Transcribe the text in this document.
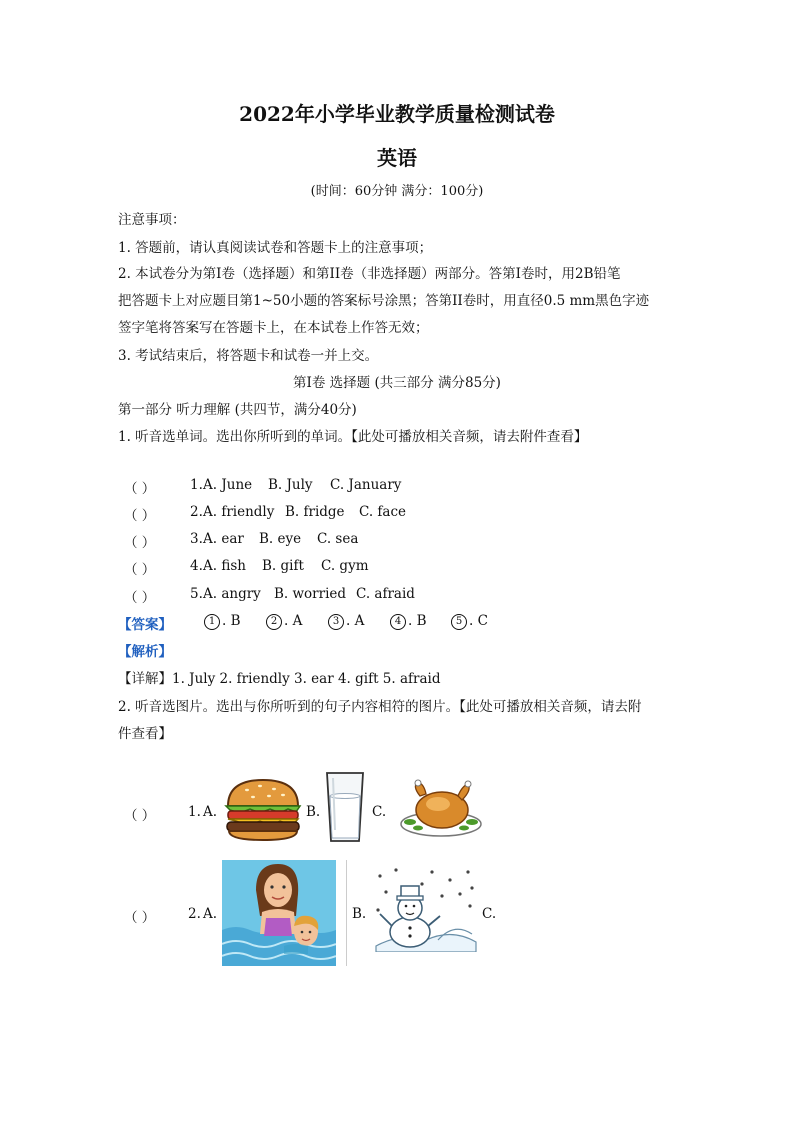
2022年小学毕业教学质量检测试卷
英语
(时间：60分钟 满分：100分)
注意事项：
1. 答题前，请认真阅读试卷和答题卡上的注意事项；
2. 本试卷分为第I卷（选择题）和第II卷（非选择题）两部分。答第I卷时，用2B铅笔
把答题卡上对应题目第1~50小题的答案标号涂黑；答第II卷时，用直径0.5 mm黑色字迹
签字笔将答案写在答题卡上，在本试卷上作答无效；
3. 考试结束后，将答题卡和试卷一并上交。
第I卷 选择题 (共三部分 满分85分)
第一部分 听力理解 (共四节，满分40分)
1. 听音选单词。选出你所听到的单词。【此处可播放相关音频，请去附件查看】
（ ）	1. A. June B. July C. January
（ ）	2. A. friendly B. fridge C. face
（ ）	3. A. ear B. eye C. sea
（ ）	4. A. fish B. gift C. gym
（ ）	5. A. angry B. worried C. afraid
【答案】	1 . B	2 . A	3 . A	4 . B	5 . C
【解析】
【详解】1. July 2. friendly 3. ear 4. gift 5. afraid
2. 听音选图片。选出与你所听到的句子内容相符的图片。【此处可播放相关音频，请去附
件查看】
（ ） 1. A.	B.	C.
（ ） 2. A.	B.	C.
